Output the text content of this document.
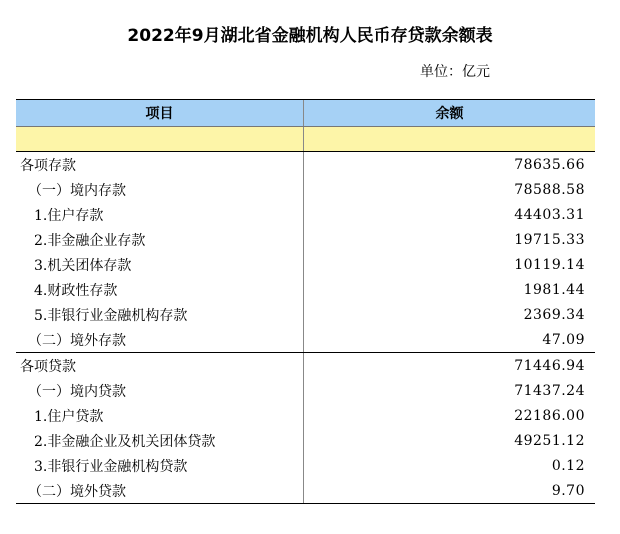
2022年9月湖北省金融机构人民币存贷款余额表
单位：亿元
项目	余额
各项存款	78635.66
（一）境内存款	78588.58
1.住户存款	44403.31
2.非金融企业存款	19715.33
3.机关团体存款	10119.14
4.财政性存款	1981.44
5.非银行业金融机构存款	2369.34
（二）境外存款	47.09
各项贷款	71446.94
（一）境内贷款	71437.24
1.住户贷款	22186.00
2.非金融企业及机关团体贷款	49251.12
3.非银行业金融机构贷款	0.12
（二）境外贷款	9.70
